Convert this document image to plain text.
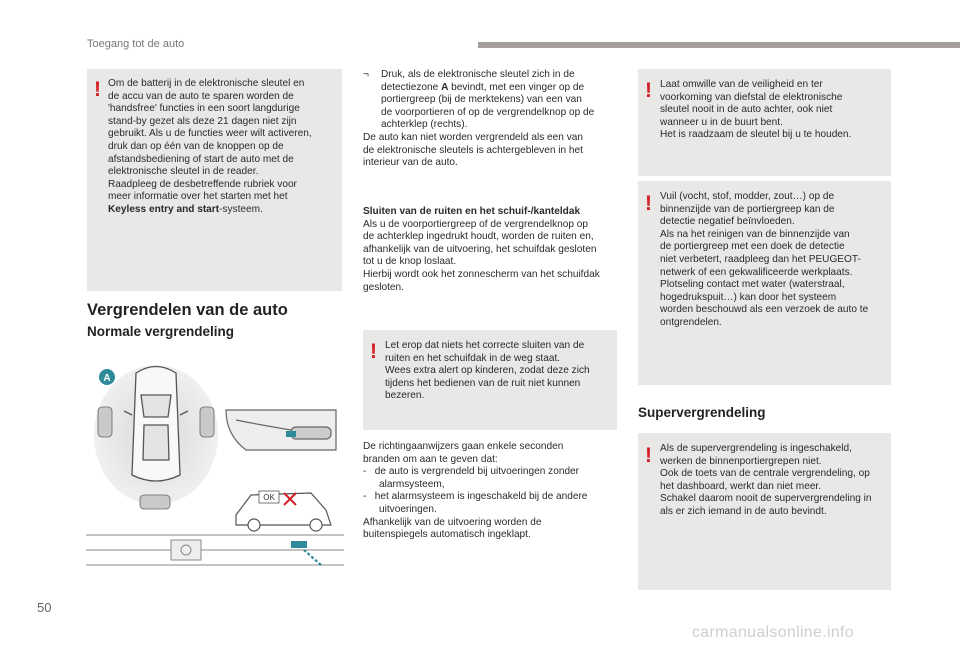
Toegang tot de auto
! Om de batterij in de elektronische sleutel en

de accu van de auto te sparen worden de

'handsfree' functies in een soort langdurige

stand-by gezet als deze 21 dagen niet zijn

gebruikt. Als u de functies weer wilt activeren,

druk dan op één van de knoppen op de

afstandsbediening of start de auto met de

elektronische sleutel in de reader.

Raadpleeg de desbetreffende rubriek voor

meer informatie over het starten met het

Keyless entry and start-systeem.

Vergrendelen van de auto
Normale vergrendeling
A
OK

¬ Druk, als de elektronische sleutel zich in de

detectiezone A bevindt, met een vinger op de

portiergreep (bij de merktekens) van een van

de voorportieren of op de vergrendelknop op de

achterklep (rechts).

De auto kan niet worden vergrendeld als een van

de elektronische sleutels is achtergebleven in het

interieur van de auto.

Sluiten van de ruiten en het schuif-/kanteldak

Als u de voorportiergreep of de vergrendelknop op

de achterklep ingedrukt houdt, worden de ruiten en,

afhankelijk van de uitvoering, het schuifdak gesloten

tot u de knop loslaat.

Hierbij wordt ook het zonnescherm van het schuifdak

gesloten.

! Let erop dat niets het correcte sluiten van de

ruiten en het schuifdak in de weg staat.

Wees extra alert op kinderen, zodat deze zich

tijdens het bedienen van de ruit niet kunnen

bezeren.

De richtingaanwijzers gaan enkele seconden

branden om aan te geven dat:

-   de auto is vergrendeld bij uitvoeringen zonder

alarmsysteem,

-   het alarmsysteem is ingeschakeld bij de andere

uitvoeringen.

Afhankelijk van de uitvoering worden de

buitenspiegels automatisch ingeklapt.

! Laat omwille van de veiligheid en ter

voorkoming van diefstal de elektronische

sleutel nooit in de auto achter, ook niet

wanneer u in de buurt bent.

Het is raadzaam de sleutel bij u te houden.

! Vuil (vocht, stof, modder, zout…) op de

binnenzijde van de portiergreep kan de

detectie negatief beïnvloeden.

Als na het reinigen van de binnenzijde van

de portiergreep met een doek de detectie

niet verbetert, raadpleeg dan het PEUGEOT-

netwerk of een gekwalificeerde werkplaats.

Plotseling contact met water (waterstraal,

hogedrukspuit…) kan door het systeem

worden beschouwd als een verzoek de auto te

ontgrendelen.

Supervergrendeling
! Als de supervergrendeling is ingeschakeld,

werken de binnenportiergrepen niet.

Ook de toets van de centrale vergrendeling, op

het dashboard, werkt dan niet meer.

Schakel daarom nooit de supervergrendeling in

als er zich iemand in de auto bevindt.

50
carmanualsonline.info
